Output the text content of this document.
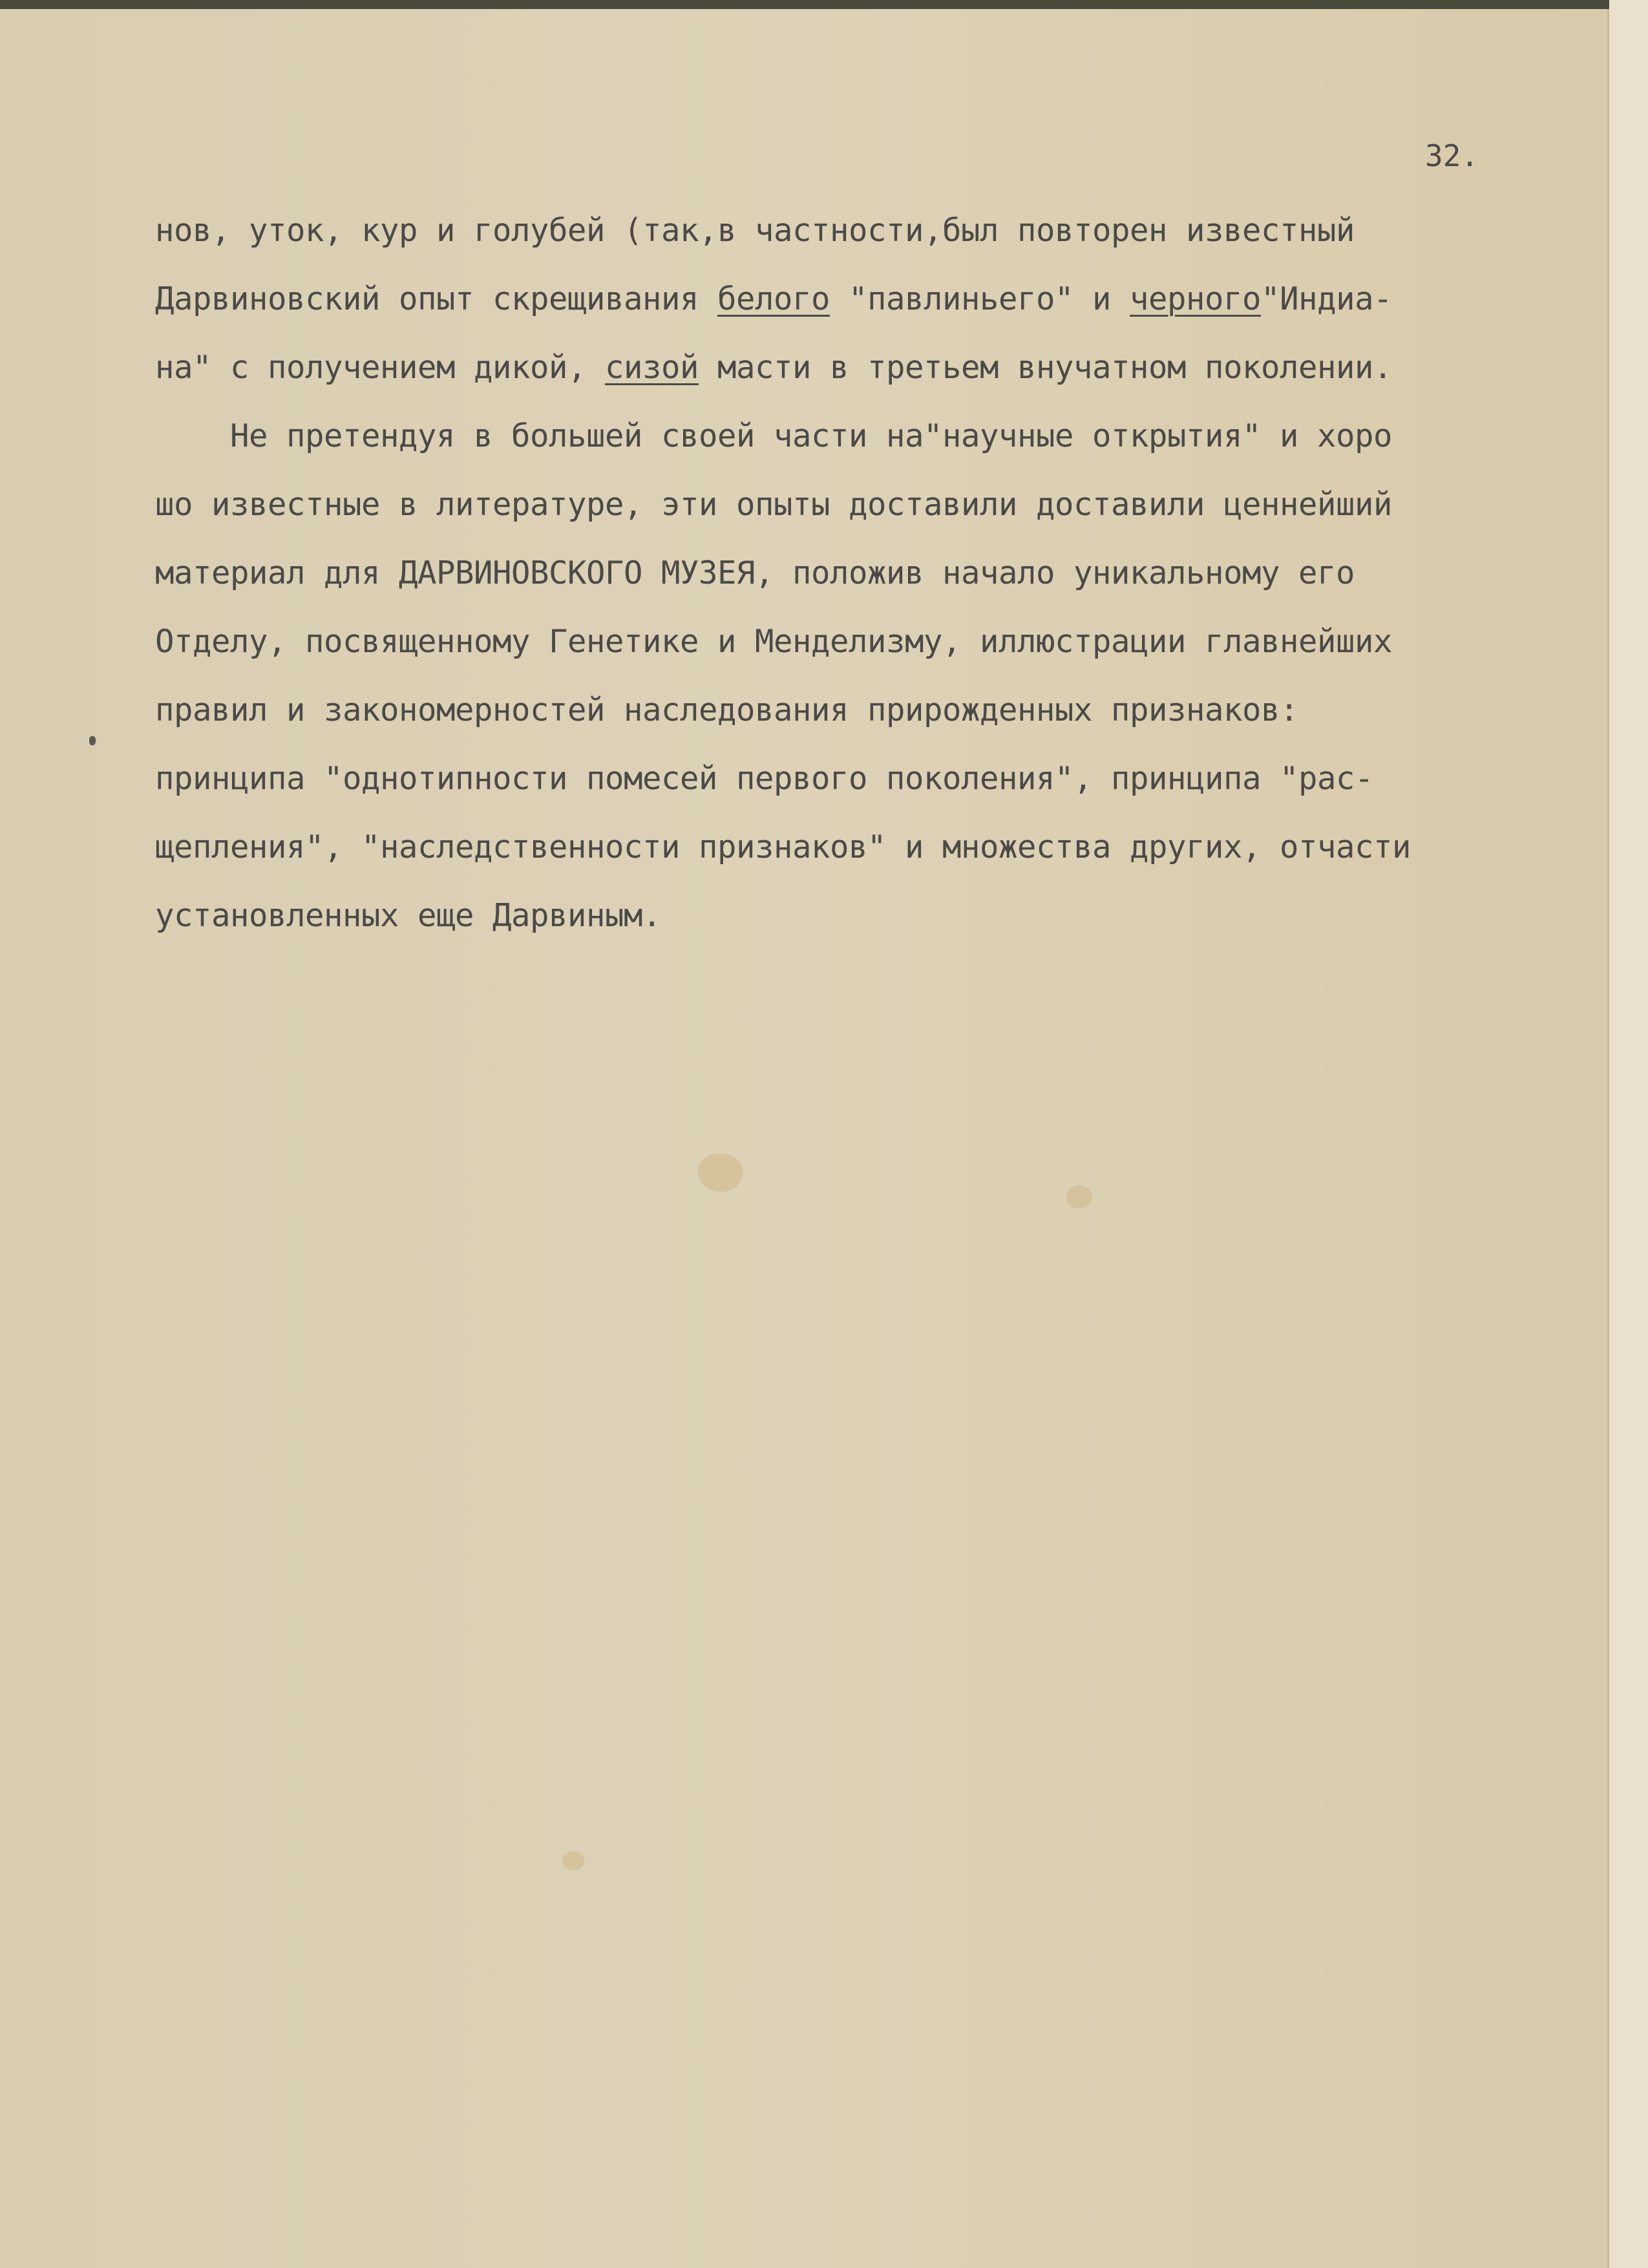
32.
нов, уток, кур и голубей (так,в частности,был повторен известный
Дарвиновский опыт скрещивания белого "павлиньего" и черного"Индиа-
на" с получением дикой, сизой масти в третьем внучатном поколении.
Не претендуя в большей своей части на"научные открытия" и хоро
шо известные в литературе, эти опыты доставили доставили ценнейший
материал для ДАРВИНОВСКОГО МУЗЕЯ, положив начало уникальному его
Отделу, посвященному Генетике и Менделизму, иллюстрации главнейших
правил и закономерностей наследования прирожденных признаков:
принципа "однотипности помесей первого поколения", принципа "рас-
щепления", "наследственности признаков" и множества других, отчасти
установленных еще Дарвиным.
